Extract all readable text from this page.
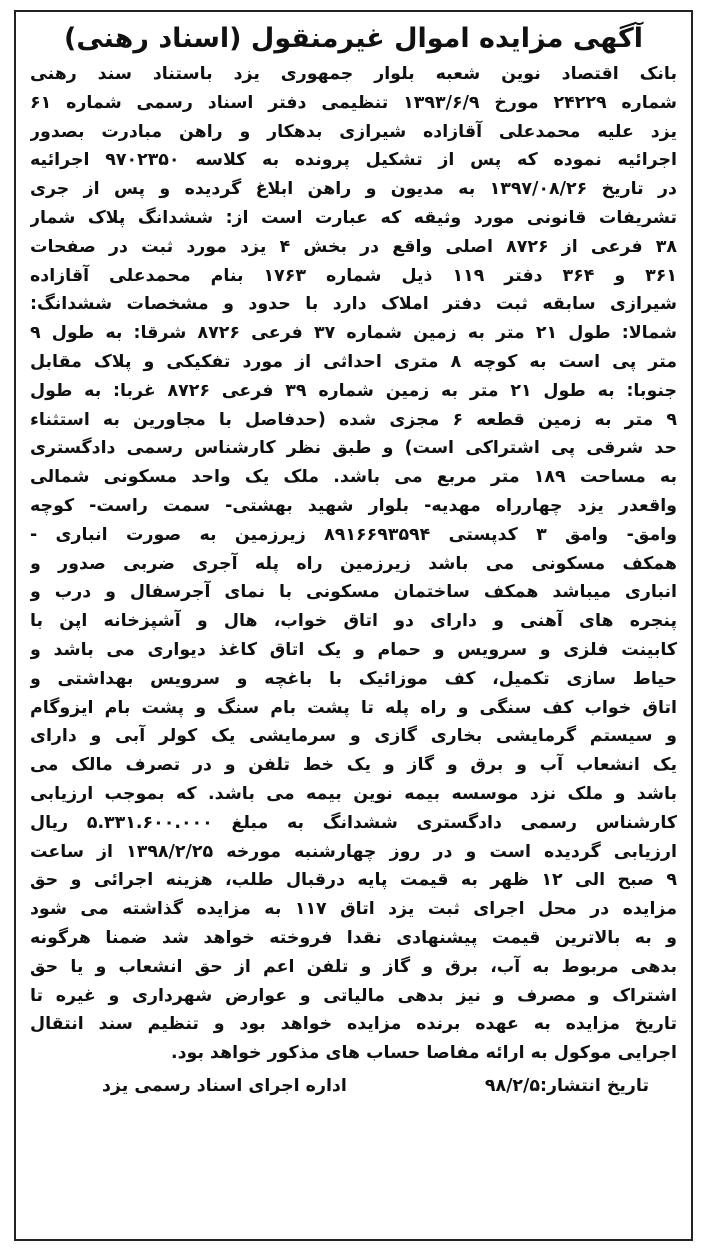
آگهی مزایده اموال غیرمنقول (اسناد رهنی)
بانک اقتصاد نوین شعبه بلوار جمهوری یزد باستناد سند رهنی
شماره ۲۴۲۲۹ مورخ ۱۳۹۳/۶/۹ تنظیمی دفتر اسناد رسمی شماره ۶۱
یزد علیه محمدعلی آقازاده شیرازی بدهکار و راهن مبادرت بصدور
اجرائیه نموده که پس از تشکیل پرونده به کلاسه ۹۷۰۲۳۵۰ اجرائیه
در تاریخ ۱۳۹۷/۰۸/۲۶ به مدیون و راهن ابلاغ گردیده و پس از جری
تشریفات قانونی مورد وثیقه که عبارت است از: ششدانگ پلاک شمار
۳۸ فرعی از ۸۷۲۶ اصلی واقع در بخش ۴ یزد مورد ثبت در صفحات
۳۶۱ و ۳۶۴ دفتر ۱۱۹ ذیل شماره ۱۷۶۳ بنام محمدعلی آقازاده
شیرازی سابقه ثبت دفتر املاک دارد با حدود و مشخصات ششدانگ:
شمالا: طول ۲۱ متر به زمین شماره ۳۷ فرعی ۸۷۲۶ شرقا: به طول ۹
متر پی است به کوچه ۸ متری احداثی از مورد تفکیکی و پلاک مقابل
جنوبا: به طول ۲۱ متر به زمین شماره ۳۹ فرعی ۸۷۲۶ غربا: به طول
۹ متر به زمین قطعه ۶ مجزی شده (حدفاصل با مجاورین به استثناء
حد شرقی پی اشتراکی است) و طبق نظر کارشناس رسمی دادگستری
به مساحت ۱۸۹ متر مربع می باشد. ملک یک واحد مسکونی شمالی
واقعدر یزد چهارراه مهدیه- بلوار شهید بهشتی- سمت راست- کوچه
وامق- وامق ۳ کدپستی ۸۹۱۶۶۹۳۵۹۴ زیرزمین به صورت انباری -
همکف مسکونی می باشد زیرزمین راه پله آجری ضربی صدور و
انباری میباشد همکف ساختمان مسکونی با نمای آجرسفال و درب و
پنجره های آهنی و دارای دو اتاق خواب، هال و آشپزخانه اپن با
کابینت فلزی و سرویس و حمام و یک اتاق کاغذ دیواری می باشد و
حیاط سازی تکمیل، کف موزائیک با باغچه و سرویس بهداشتی و
اتاق خواب کف سنگی و راه پله تا پشت بام سنگ و پشت بام ایزوگام
و سیستم گرمایشی بخاری گازی و سرمایشی یک کولر آبی و دارای
یک انشعاب آب و برق و گاز و یک خط تلفن و در تصرف مالک می
باشد و ملک نزد موسسه بیمه نوین بیمه می باشد. که بموجب ارزیابی
کارشناس رسمی دادگستری ششدانگ به مبلغ ۵.۳۳۱.۶۰۰.۰۰۰ ریال
ارزیابی گردیده است و در روز چهارشنبه مورخه ۱۳۹۸/۲/۲۵ از ساعت
۹ صبح الی ۱۲ ظهر به قیمت پایه درقبال طلب، هزینه اجرائی و حق
مزایده در محل اجرای ثبت یزد اتاق ۱۱۷ به مزایده گذاشته می شود
و به بالاترین قیمت پیشنهادی نقدا فروخته خواهد شد ضمنا هرگونه
بدهی مربوط به آب، برق و گاز و تلفن اعم از حق انشعاب و یا حق
اشتراک و مصرف و نیز بدهی مالیاتی و عوارض شهرداری و غیره تا
تاریخ مزایده به عهده برنده مزایده خواهد بود و تنظیم سند انتقال
اجرایی موکول به ارائه مفاصا حساب های مذکور خواهد بود.
تاریخ انتشار:۹۸/۲/۵
اداره اجرای اسناد رسمی یزد
